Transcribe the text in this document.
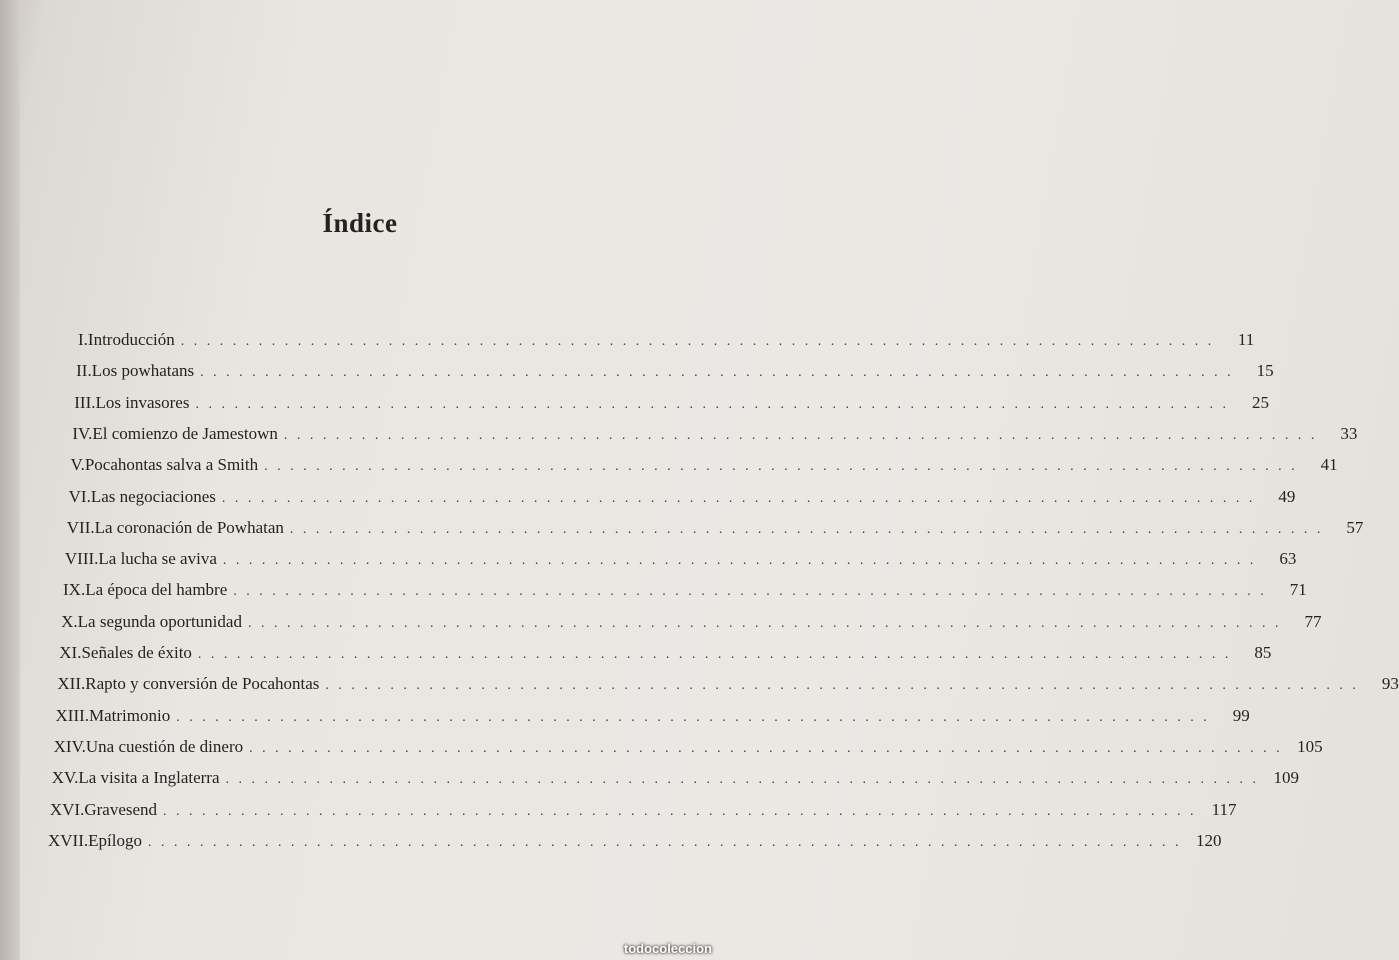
Índice
I. Introducción . . . . . . . . . . . . . . . . . . . . . . . . . . . . . . . . . . . . . . . . . . . . . . . . . . . . . . . . . . . . . . . . . . . . . . . . . . . . . . . .	11
II. Los powhatans . . . . . . . . . . . . . . . . . . . . . . . . . . . . . . . . . . . . . . . . . . . . . . . . . . . . . . . . . . . . . . . . . . . . . . . . . . . . . . . .	15
III. Los invasores . . . . . . . . . . . . . . . . . . . . . . . . . . . . . . . . . . . . . . . . . . . . . . . . . . . . . . . . . . . . . . . . . . . . . . . . . . . . . . . .	25
IV. El comienzo de Jamestown . . . . . . . . . . . . . . . . . . . . . . . . . . . . . . . . . . . . . . . . . . . . . . . . . . . . . . . . . . . . . . . . . . . . . . . . . . . . . . . .	33
V. Pocahontas salva a Smith . . . . . . . . . . . . . . . . . . . . . . . . . . . . . . . . . . . . . . . . . . . . . . . . . . . . . . . . . . . . . . . . . . . . . . . . . . . . . . . .	41
VI. Las negociaciones . . . . . . . . . . . . . . . . . . . . . . . . . . . . . . . . . . . . . . . . . . . . . . . . . . . . . . . . . . . . . . . . . . . . . . . . . . . . . . . .	49
VII. La coronación de Powhatan . . . . . . . . . . . . . . . . . . . . . . . . . . . . . . . . . . . . . . . . . . . . . . . . . . . . . . . . . . . . . . . . . . . . . . . . . . . . . . . .	57
VIII. La lucha se aviva . . . . . . . . . . . . . . . . . . . . . . . . . . . . . . . . . . . . . . . . . . . . . . . . . . . . . . . . . . . . . . . . . . . . . . . . . . . . . . . .	63
IX. La época del hambre . . . . . . . . . . . . . . . . . . . . . . . . . . . . . . . . . . . . . . . . . . . . . . . . . . . . . . . . . . . . . . . . . . . . . . . . . . . . . . . .	71
X. La segunda oportunidad . . . . . . . . . . . . . . . . . . . . . . . . . . . . . . . . . . . . . . . . . . . . . . . . . . . . . . . . . . . . . . . . . . . . . . . . . . . . . . . .	77
XI. Señales de éxito . . . . . . . . . . . . . . . . . . . . . . . . . . . . . . . . . . . . . . . . . . . . . . . . . . . . . . . . . . . . . . . . . . . . . . . . . . . . . . . .	85
XII. Rapto y conversión de Pocahontas . . . . . . . . . . . . . . . . . . . . . . . . . . . . . . . . . . . . . . . . . . . . . . . . . . . . . . . . . . . . . . . . . . . . . . . . . . . . . . . .	93
XIII. Matrimonio . . . . . . . . . . . . . . . . . . . . . . . . . . . . . . . . . . . . . . . . . . . . . . . . . . . . . . . . . . . . . . . . . . . . . . . . . . . . . . . .	99
XIV. Una cuestión de dinero . . . . . . . . . . . . . . . . . . . . . . . . . . . . . . . . . . . . . . . . . . . . . . . . . . . . . . . . . . . . . . . . . . . . . . . . . . . . . . . . 105
XV. La visita a Inglaterra . . . . . . . . . . . . . . . . . . . . . . . . . . . . . . . . . . . . . . . . . . . . . . . . . . . . . . . . . . . . . . . . . . . . . . . . . . . . . . . . 109
XVI. Gravesend . . . . . . . . . . . . . . . . . . . . . . . . . . . . . . . . . . . . . . . . . . . . . . . . . . . . . . . . . . . . . . . . . . . . . . . . . . . . . . . . 117
XVII. Epílogo . . . . . . . . . . . . . . . . . . . . . . . . . . . . . . . . . . . . . . . . . . . . . . . . . . . . . . . . . . . . . . . . . . . . . . . . . . . . . . . . 120
todocoleccion
